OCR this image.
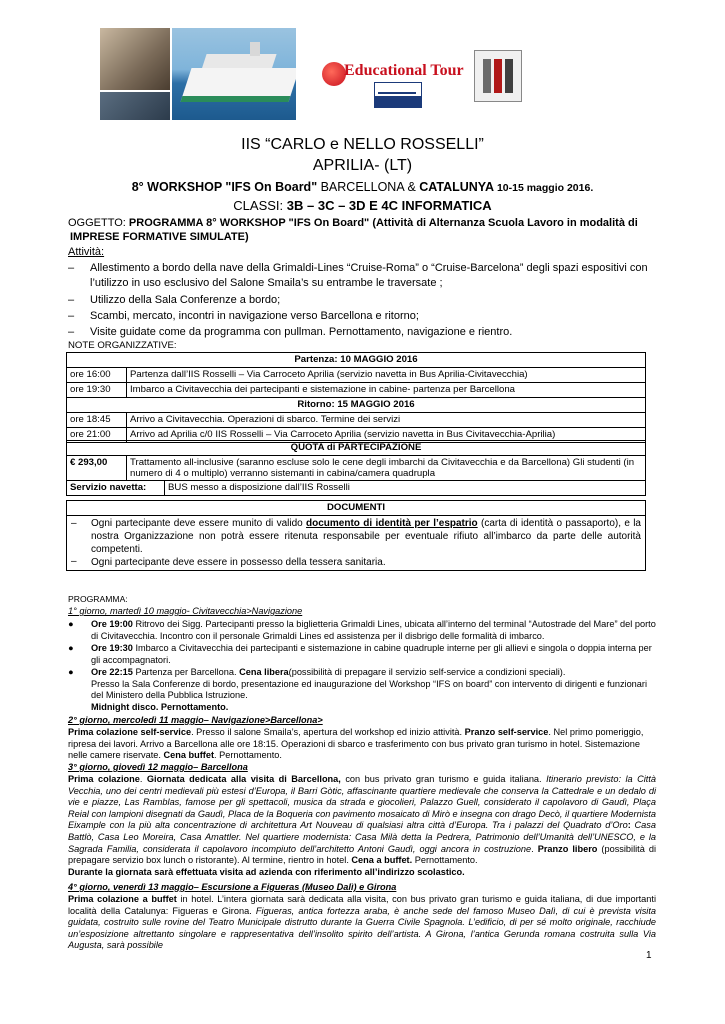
Educational Tour
IIS “CARLO e NELLO ROSSELLI”
APRILIA- (LT)
8° WORKSHOP "IFS On Board" BARCELLONA & CATALUNYA 10-15 maggio 2016.
CLASSI: 3B – 3C – 3D E 4C INFORMATICA
OGGETTO: PROGRAMMA 8° WORKSHOP "IFS On Board" (Attività di Alternanza Scuola Lavoro in modalità di
IMPRESE FORMATIVE SIMULATE)
Attività:
– Allestimento a bordo della nave della Grimaldi-Lines “Cruise-Roma” o “Cruise-Barcelona” degli spazi espositivi con
l’utilizzo in uso esclusivo del Salone Smaila’s su entrambe le traversate ;
– Utilizzo della Sala Conferenze a bordo;
– Scambi, mercato, incontri in navigazione verso Barcellona e ritorno;
– Visite guidate come da programma con pullman. Pernottamento, navigazione e rientro.
NOTE ORGANIZZATIVE:
Partenza: 10 MAGGIO 2016	
ore 16:00	Partenza dall’IIS Rosselli – Via Carroceto Aprilia (servizio navetta in Bus Aprilia-Civitavecchia)
ore 19:30	Imbarco a Civitavecchia dei partecipanti e sistemazione in cabine- partenza per Barcellona
Ritorno: 15 MAGGIO 2016	
ore 18:45	Arrivo a Civitavecchia. Operazioni di sbarco. Termine dei servizi
ore 21:00	Arrivo ad Aprilia c/0 IIS Rosselli – Via Carroceto Aprilia (servizio navetta in Bus Civitavecchia-Aprilia)
QUOTA di PARTECIPAZIONE		
€ 293,00	Trattamento all-inclusive (saranno escluse solo le cene degli imbarchi da Civitavecchia e da Barcellona) Gli studenti (in numero di 4 o multiplo) verranno sistemanti in cabina/camera quadrupla	
Servizio navetta:		BUS messo a disposizione dall’IIS Rosselli
DOCUMENTI

– Ogni partecipante deve essere munito di valido documento di identità per l’espatrio (carta di identità o passaporto), e la nostra Organizzazione non potrà essere ritenuta responsabile per eventuale rifiuto all’imbarco da parte delle autorità competenti.
– Ogni partecipante deve essere in possesso della tessera sanitaria.
PROGRAMMA:
1° giorno, martedì 10 maggio- Civitavecchia>Navigazione
● Ore 19:00 Ritrovo dei Sigg. Partecipanti presso la biglietteria Grimaldi Lines, ubicata all’interno del terminal “Autostrade del Mare” del porto di Civitavecchia. Incontro con il personale Grimaldi Lines ed assistenza per il disbrigo delle formalità di imbarco.
● Ore 19:30 Imbarco a Civitavecchia dei partecipanti e sistemazione in cabine quadruple interne per gli allievi e singola o doppia interna per gli accompagnatori.
● Ore 22:15 Partenza per Barcellona. Cena libera(possibilità di prepagare il servizio self-service a condizioni speciali).
Presso la Sala Conferenze di bordo, presentazione ed inaugurazione del Workshop “IFS on board” con intervento di dirigenti e funzionari del Ministero della Pubblica Istruzione.
Midnight disco. Pernottamento.
2° giorno, mercoledì 11 maggio– Navigazione>Barcellona>
Prima colazione self-service. Presso il salone Smaila’s, apertura del workshop ed inizio attività. Pranzo self-service. Nel primo pomeriggio, ripresa dei lavori. Arrivo a Barcellona alle ore 18:15. Operazioni di sbarco e trasferimento con bus privato gran turismo in hotel. Sistemazione nelle camere riservate. Cena buffet. Pernottamento.
3° giorno, giovedì 12 maggio– Barcellona
Prima colazione. Giornata dedicata alla visita di Barcellona, con bus privato gran turismo e guida italiana. Itinerario previsto: la Città Vecchia, uno dei centri medievali più estesi d’Europa, il Barri Gòtic, affascinante quartiere medievale che conserva la Cattedrale e un dedalo di vie e piazze, Las Ramblas, famose per gli spettacoli, musica da strada e giocolieri, Palazzo Guell, considerato il capolavoro di Gaudì, Plaça Reial con lampioni disegnati da Gaudì, Placa de la Boqueria con pavimento mosaicato di Mirò e insegna con drago Decò, il quartiere Modernista Eixample con la più alta concentrazione di architettura Art Nouveau di qualsiasi altra città d’Europa. Tra i palazzi del Quadrato d’Oro: Casa Battlò, Casa Leo Moreira, Casa Amattler. Nel quartiere modernista: Casa Milà detta la Pedrera, Patrimonio dell’Umanità dell’UNESCO, e la Sagrada Familia, considerata il capolavoro incompiuto dell’architetto Antoni Gaudì, oggi ancora in costruzione. Pranzo libero (possibilità di prepagare servizio box lunch o ristorante). Al termine, rientro in hotel. Cena a buffet. Pernottamento.
Durante la giornata sarà effettuata visita ad azienda con riferimento all’indirizzo scolastico.
4° giorno, venerdì 13 maggio– Escursione a Figueras (Museo Dalì) e Girona
Prima colazione a buffet in hotel. L’intera giornata sarà dedicata alla visita, con bus privato gran turismo e guida italiana, di due importanti località della Catalunya: Figueras e Girona. Figueras, antica fortezza araba, è anche sede del famoso Museo Dalì, di cui è prevista visita guidata, costruito sulle rovine del Teatro Municipale distrutto durante la Guerra Civile Spagnola. L’edificio, di per sé molto originale, racchiude un’esposizione altrettanto singolare e rappresentativa dell’insolito spirito dell’artista. A Girona, l’antica Gerunda romana costruita sulla Via Augusta, sarà possibile
1
